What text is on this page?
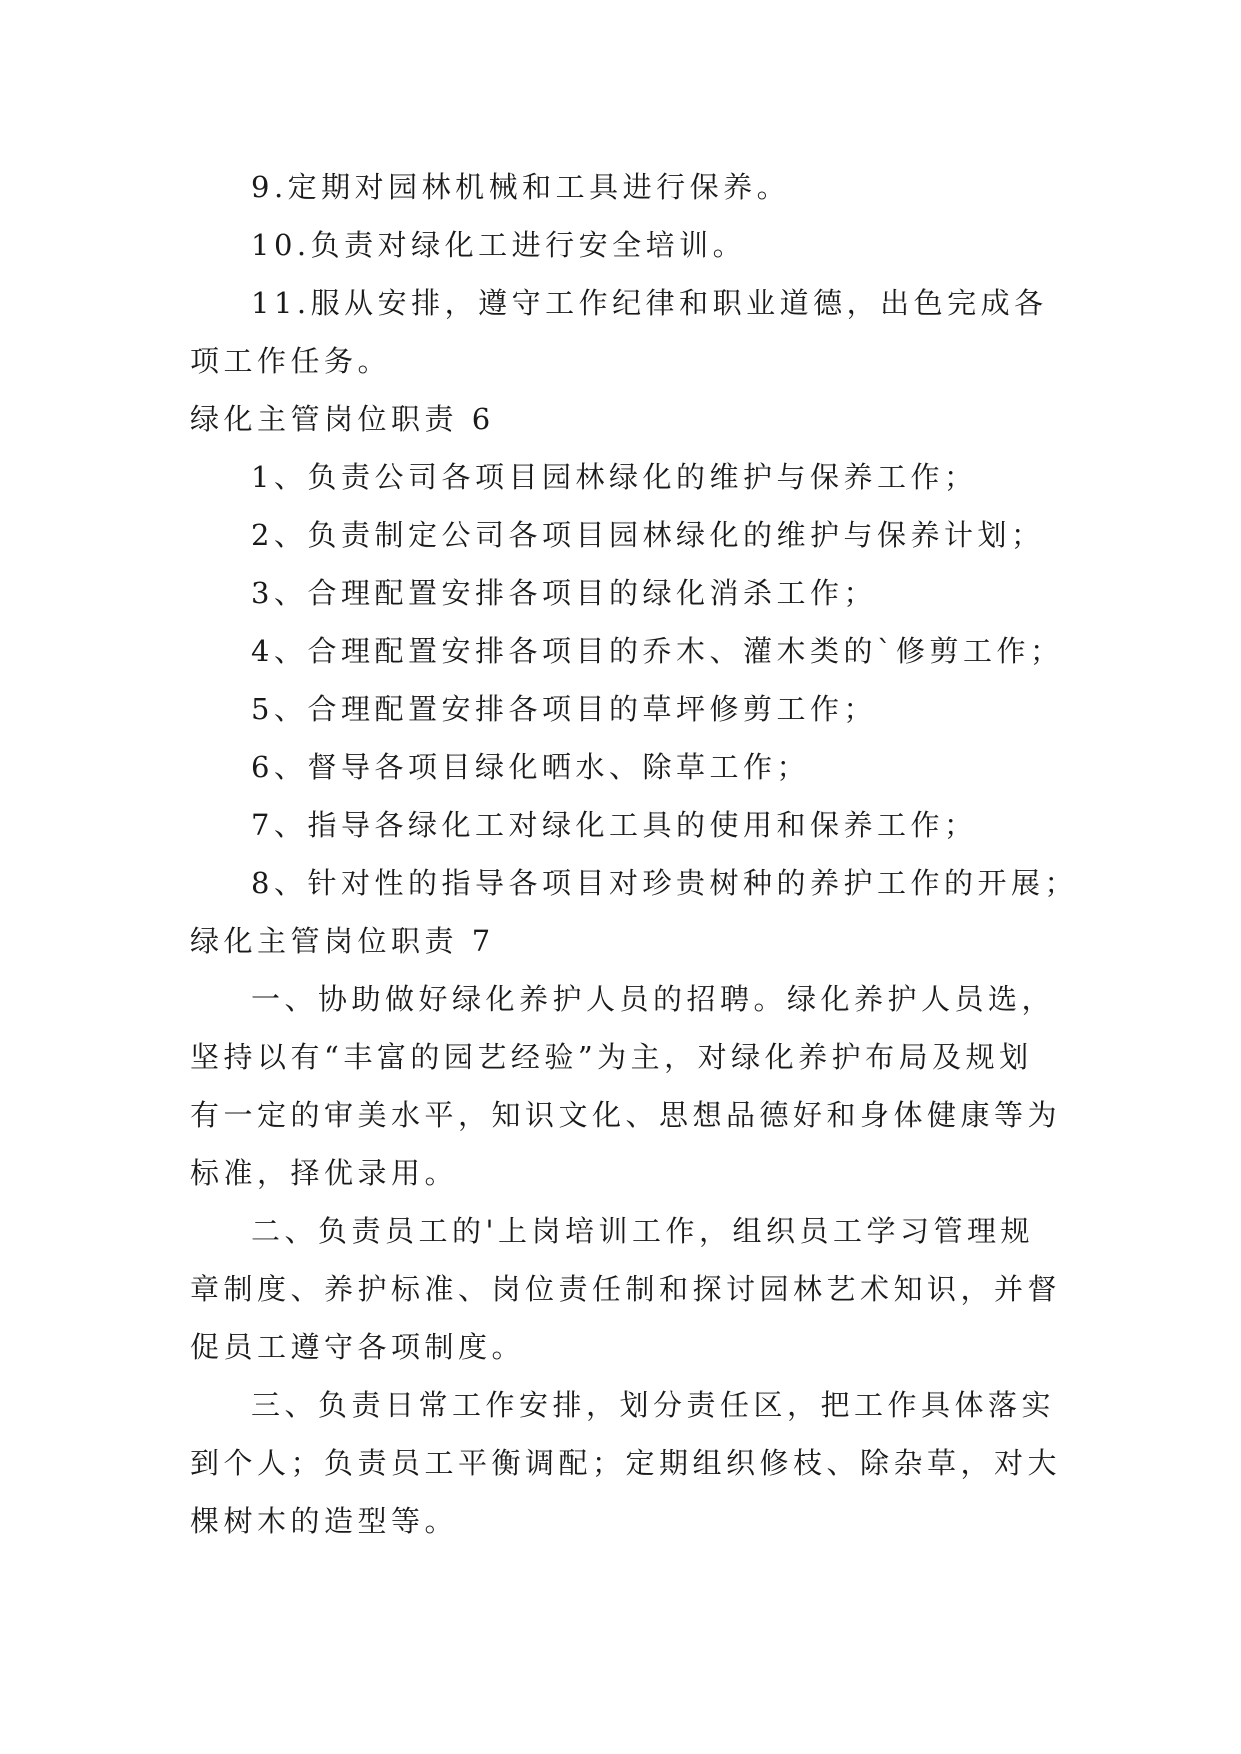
9.定期对园林机械和工具进行保养。
10.负责对绿化工进行安全培训。
11.服从安排，遵守工作纪律和职业道德，出色完成各
项工作任务。
绿化主管岗位职责 6
1、负责公司各项目园林绿化的维护与保养工作；
2、负责制定公司各项目园林绿化的维护与保养计划；
3、合理配置安排各项目的绿化消杀工作；
4、合理配置安排各项目的乔木、灌木类的`修剪工作；
5、合理配置安排各项目的草坪修剪工作；
6、督导各项目绿化晒水、除草工作；
7、指导各绿化工对绿化工具的使用和保养工作；
8、针对性的指导各项目对珍贵树种的养护工作的开展；
绿化主管岗位职责 7
一、协助做好绿化养护人员的招聘。绿化养护人员选，
坚持以有“丰富的园艺经验”为主，对绿化养护布局及规划
有一定的审美水平，知识文化、思想品德好和身体健康等为
标准，择优录用。
二、负责员工的'上岗培训工作，组织员工学习管理规
章制度、养护标准、岗位责任制和探讨园林艺术知识，并督
促员工遵守各项制度。
三、负责日常工作安排，划分责任区，把工作具体落实
到个人；负责员工平衡调配；定期组织修枝、除杂草，对大
棵树木的造型等。
